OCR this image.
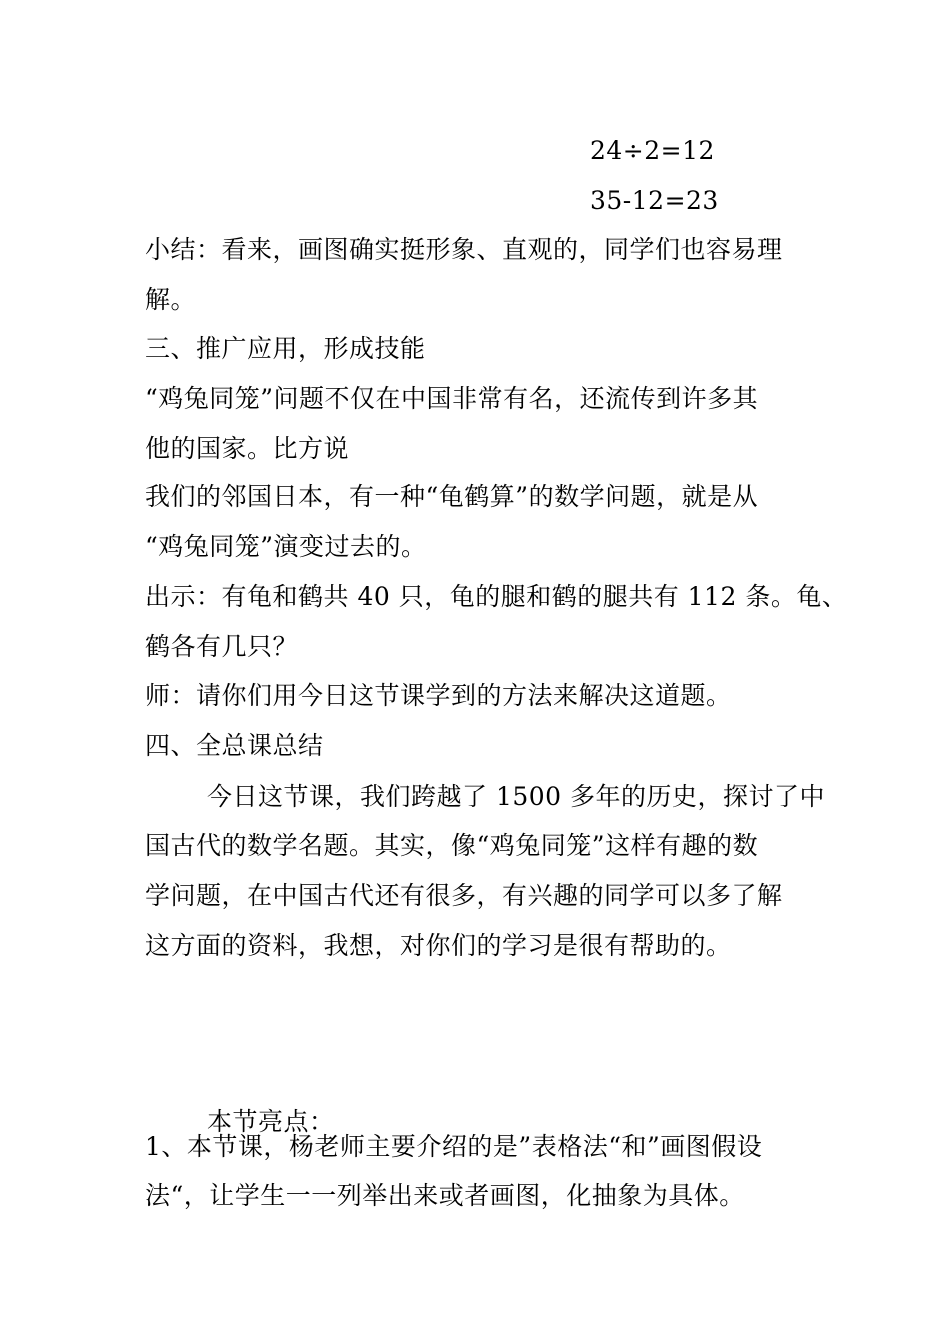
24÷2=12
35-12=23
小结：看来，画图确实挺形象、直观的，同学们也容易理
解。
三、推广应用，形成技能
“鸡兔同笼”问题不仅在中国非常有名，还流传到许多其
他的国家。比方说
我们的邻国日本，有一种“龟鹤算”的数学问题，就是从
“鸡兔同笼”演变过去的。
出示：有龟和鹤共 40 只，龟的腿和鹤的腿共有 112 条。龟、
鹤各有几只？
师：请你们用今日这节课学到的方法来解决这道题。
四、全总课总结
今日这节课，我们跨越了 1500 多年的历史，探讨了中
国古代的数学名题。其实，像“鸡兔同笼”这样有趣的数
学问题，在中国古代还有很多，有兴趣的同学可以多了解
这方面的资料，我想，对你们的学习是很有帮助的。
本节亮点：
1、本节课，杨老师主要介绍的是”表格法“和”画图假设
法“，让学生一一列举出来或者画图，化抽象为具体。
